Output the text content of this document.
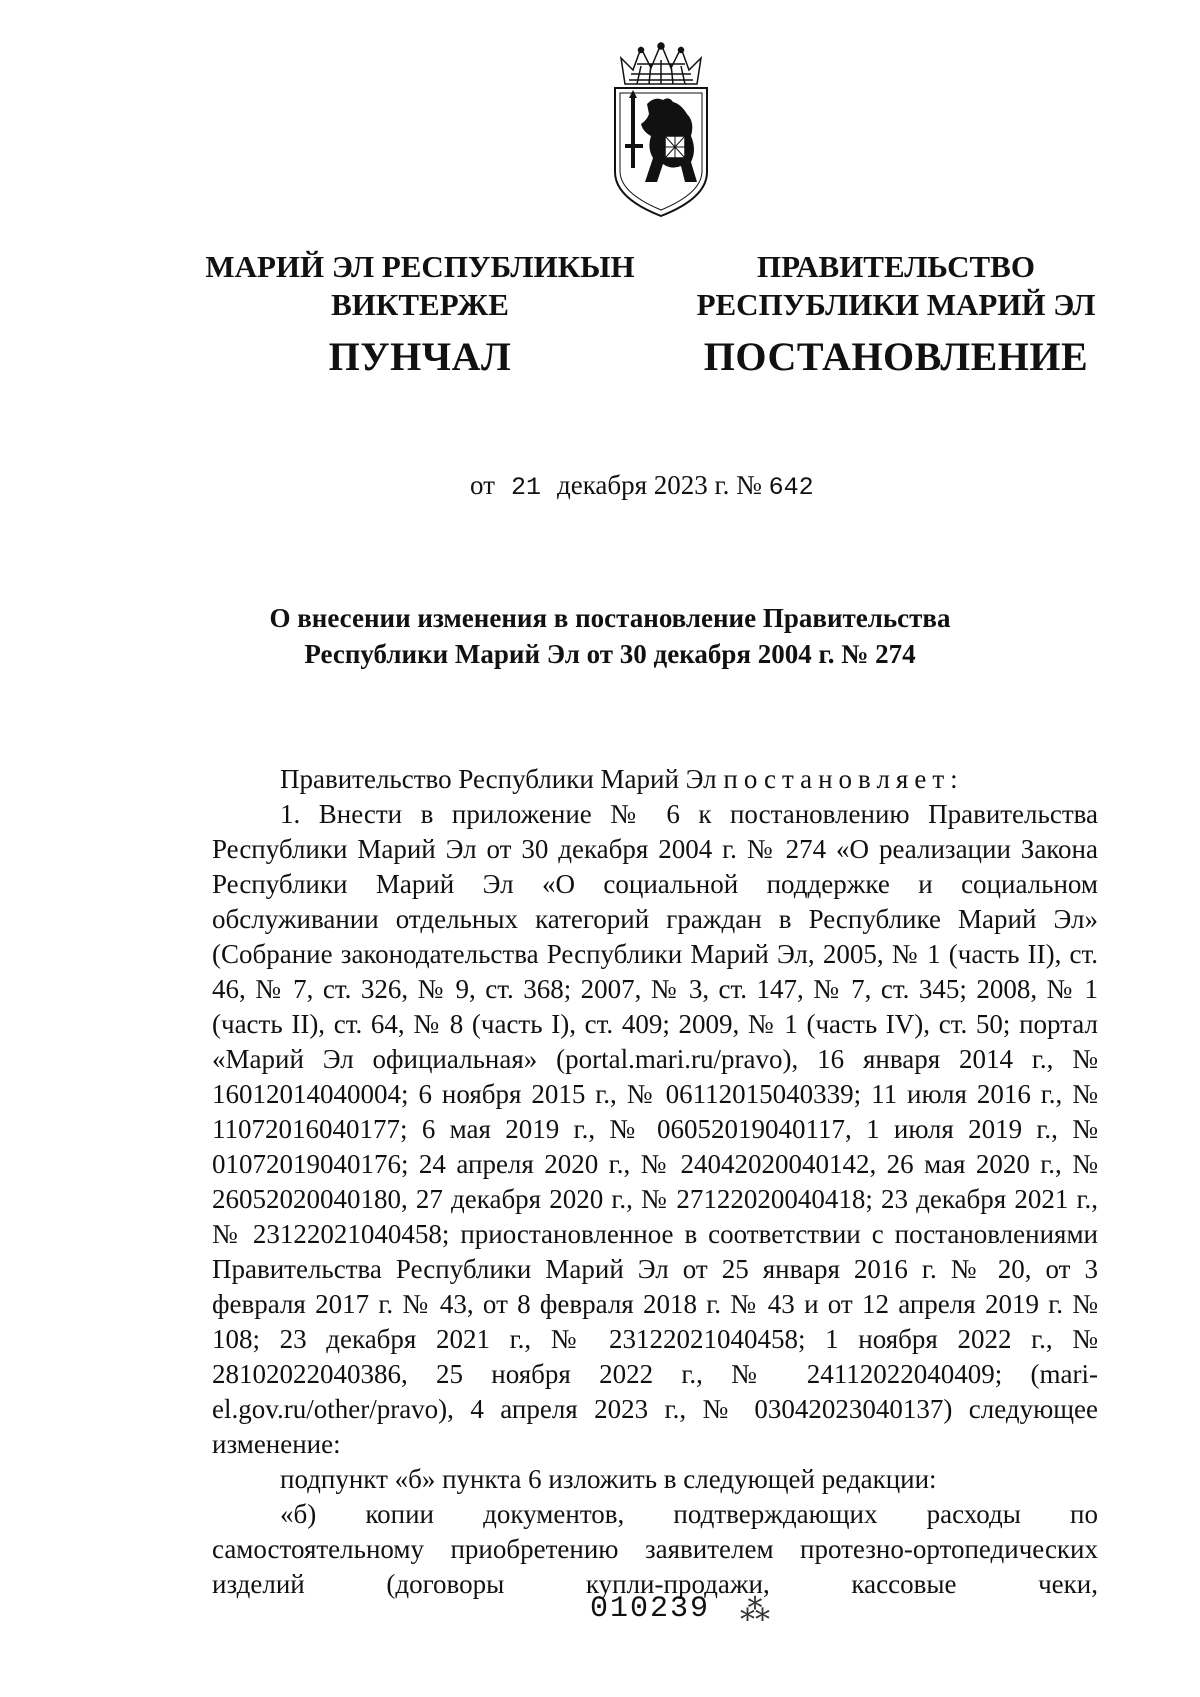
МАРИЙ ЭЛ РЕСПУБЛИКЫН
ВИКТЕРЖЕ
ПУНЧАЛ
ПРАВИТЕЛЬСТВО
РЕСПУБЛИКИ МАРИЙ ЭЛ
ПОСТАНОВЛЕНИЕ
от 21 декабря 2023 г. № 642
О внесении изменения в постановление Правительства
Республики Марий Эл от 30 декабря 2004 г. № 274

Правительство Республики Марий Эл постановляет:

1. Внести в приложение № 6 к постановлению Правительства Республики Марий Эл от 30 декабря 2004 г. № 274 «О реализации Закона Республики Марий Эл «О социальной поддержке и социальном обслуживании отдельных категорий граждан в Республике Марий Эл» (Собрание законодательства Республики Марий Эл, 2005, № 1 (часть II), ст. 46, № 7, ст. 326, № 9, ст. 368; 2007, № 3, ст. 147, № 7, ст. 345; 2008, № 1 (часть II), ст. 64, № 8 (часть I), ст. 409; 2009, № 1 (часть IV), ст. 50; портал «Марий Эл официальная» (portal.mari.ru/pravo), 16 января 2014 г., № 16012014040004; 6 ноября 2015 г., № 06112015040339; 11 июля 2016 г., № 11072016040177; 6 мая 2019 г., № 06052019040117, 1 июля 2019 г., № 01072019040176; 24 апреля 2020 г., № 24042020040142, 26 мая 2020 г., № 26052020040180, 27 декабря 2020 г., № 27122020040418; 23 декабря 2021 г., № 23122021040458; приостановленное в соответствии с постановлениями Правительства Республики Марий Эл от 25 января 2016 г. № 20, от 3 февраля 2017 г. № 43, от 8 февраля 2018 г. № 43 и от 12 апреля 2019 г. № 108; 23 декабря 2021 г., № 23122021040458; 1 ноября 2022 г., № 28102022040386, 25 ноября 2022 г., № 24112022040409; (mari-el.gov.ru/other/pravo), 4 апреля 2023 г., № 03042023040137) следующее изменение:

подпункт «б» пункта 6 изложить в следующей редакции:

«б) копии документов, подтверждающих расходы по самостоятельному приобретению заявителем протезно-ортопедических изделий (договоры купли-продажи, кассовые чеки,

010239 ⁂
